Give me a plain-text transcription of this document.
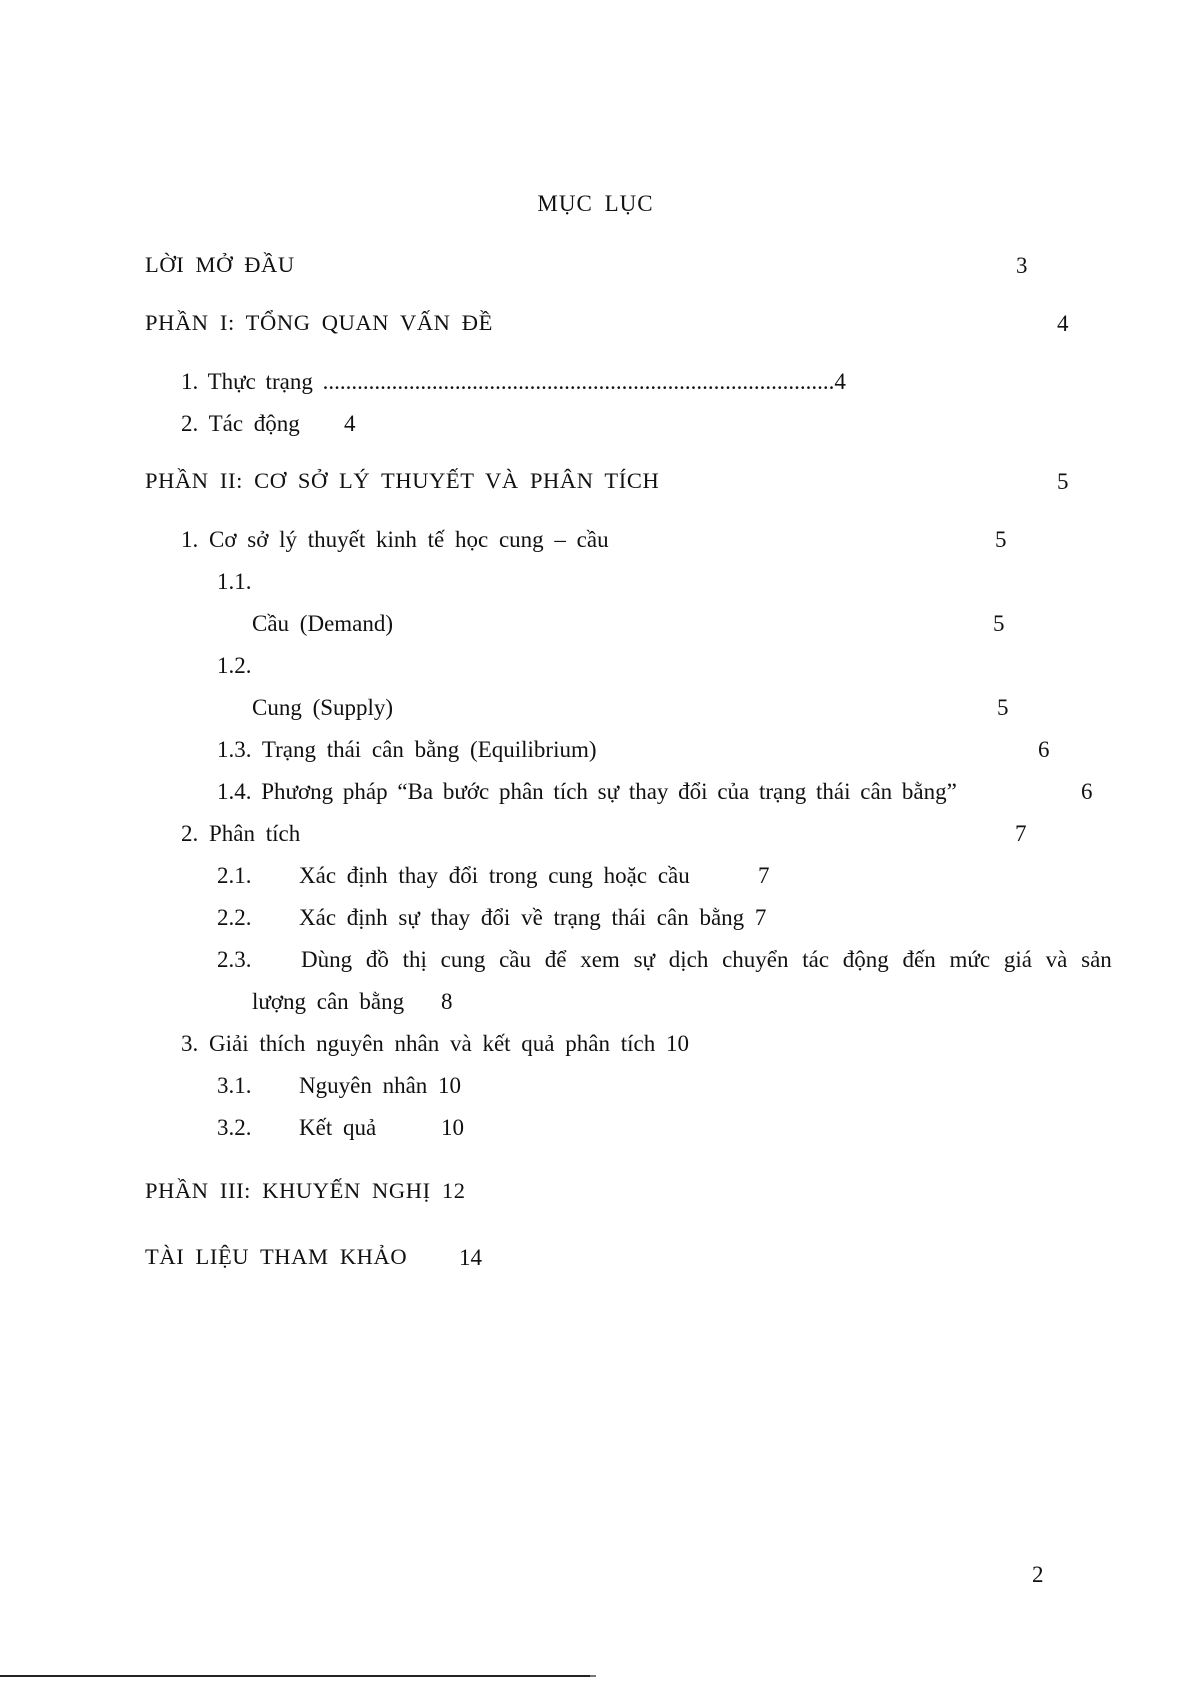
MỤC LỤC
LỜI MỞ ĐẦU	3
PHẦN I: TỔNG QUAN VẤN ĐỀ	4
1. Thực trạng .........................................................................................4
2. Tác động 4
PHẦN II: CƠ SỞ LÝ THUYẾT VÀ PHÂN TÍCH	5
1. Cơ sở lý thuyết kinh tế học cung – cầu	5
1.1.
Cầu (Demand)	5
1.2.
Cung (Supply)	5
1.3. Trạng thái cân bằng (Equilibrium)	6
1.4. Phương pháp “Ba bước phân tích sự thay đổi của trạng thái cân bằng”	6
2. Phân tích	7
2.1. Xác định thay đổi trong cung hoặc cầu	7
2.2. Xác định sự thay đổi về trạng thái cân bằng 7
2.3. Dùng đồ thị cung cầu để xem sự dịch chuyển tác động đến mức giá và sản
lượng cân bằng 8
3. Giải thích nguyên nhân và kết quả phân tích 10
3.1. Nguyên nhân 10
3.2. Kết quả	10
PHẦN III: KHUYẾN NGHỊ 12
TÀI LIỆU THAM KHẢO 14
2
